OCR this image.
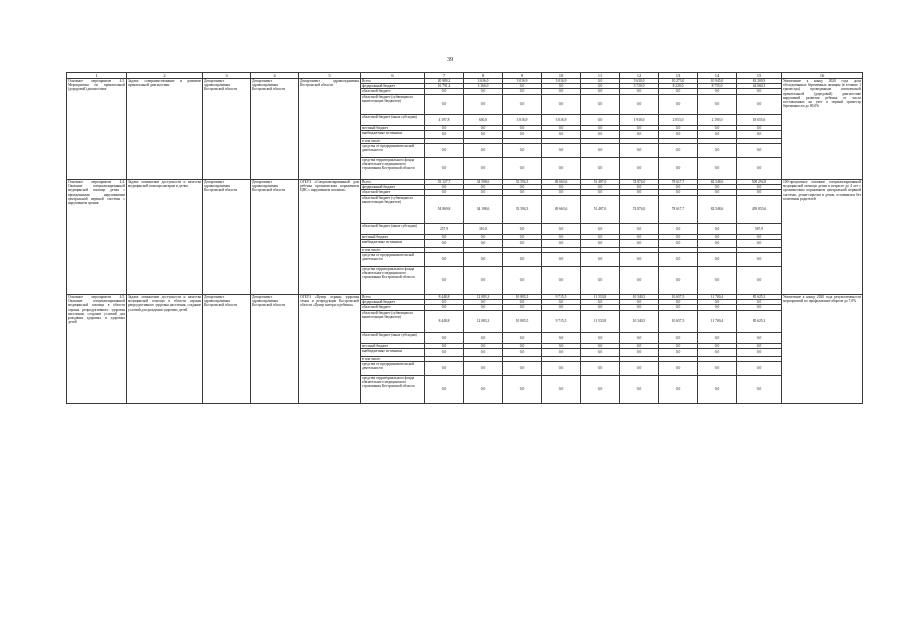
39
1	2	3	4	5	6	7	8	9	10	11	12	13	14	15	16
Основное мероприятие 4.3. Мероприятия по пренатальной (дородовой) диагностике	Задача: совершенствование и развитие пренатальной диагностики	Департамент здравоохранения Костромской области	Департамент здравоохранения Костромской области	Департамент здравоохранения Костромской области	Всего	20 989,2	3 636,0	3 016,9	3 016,9	0,0	5 630,0	10 273,0	10 945,0	63 200,9	Увеличение к концу 2020 года доли обследованных беременных женщин (в течение 1 триместра) проведенным комплексной пренатальной (дородовой) диагностике нарушений развития ребенка от числа поставленных на учет в первый триместр беременности до 80,0%
					федеральный бюджет	16 791,4	3 166,0	0,0	0,0	0,0	3 720,0	8 220,0	8 755,0	44 660,3	
					областной бюджет	0,0	0,0	0,0	0,0	0,0	0,0	0,0	0,0	0,0	
					областной бюджет (субвенции из вышестоящих бюджетов)	0,0	0,0	0,0	0,0	0,0	0,0	0,0	0,0	0,0	
					областной бюджет (иные субсидии)	4 197,8	650,0	3 016,9	3 016,9	0,0	1 930,0	2 053,0	2 190,0	18 655,6	
					местный бюджет	0,0	0,0	0,0	0,0	0,0	0,0	0,0	0,0	0,0	
					внебюджетные источники	0,0	0,0	0,0	0,0	0,0	0,0	0,0	0,0	0,0	
					в том числе:										
					средства от предпринимательской деятельности	0,0	0,0	0,0	0,0	0,0	0,0	0,0	0,0	0,0	
					средства территориального фонда обязательного медицинского страхования Костромской области	0,0	0,0	0,0	0,0	0,0	0,0	0,0	0,0	0,0	
Основное мероприятие 4.4. Оказание специализированной медицинской помощи детям с врожденными нарушениями центральной нервной системы с нарушением зрения	Задача: повышение доступности и качества медицинской помощи матерям и детям	Департамент здравоохранения Костромской области	Департамент здравоохранения Костромской области	ОГБУЗ «Специализированный дом ребенка органическим поражением ЦНС с нарушением психики»	Всего	55 127,7	34 508,6	33 594,3	49 663,6	51 487,0	74 874,0	78 617,7	82 548,6	509 292,8	100-процентное оказание специализированной медицинской помощи детям в возрасте до 4 лет с органическим поражением центральной нервной системы, детям-сиротам и детям, оставшимся без попечения родителей
					федеральный бюджет	0,0	0,0	0,0	0,0	0,0	0,0	0,0	0,0	0,0	
					областной бюджет	0,0	0,0	0,0	0,0	0,0	0,0	0,0	0,0	0,0	
					областной бюджет (субвенции из вышестоящих бюджетов)	54 869,8	34 198,6	33 594,3	49 663,6	51 487,0	74 874,0	78 617,7	82 548,6	459 853,6	
					областной бюджет (иные субсидии)	257,9	310,0	0,0	0,0	0,0	0,0	0,0	0,0	567,9	
					местный бюджет	0,0	0,0	0,0	0,0	0,0	0,0	0,0	0,0	0,0	
					внебюджетные источники	0,0	0,0	0,0	0,0	0,0	0,0	0,0	0,0	0,0	
					в том числе:										
					средства от предпринимательской деятельности	0,0	0,0	0,0	0,0	0,0	0,0	0,0	0,0	0,0	
					средства территориального фонда обязательного медицинского страхования Костромской области	0,0	0,0	0,0	0,0	0,0	0,0	0,0	0,0	0,0	
Основное мероприятие 4.5. Оказание специализированной медицинской помощи в области охраны репродуктивного здоровья населения, создание условий для рождения здоровых и здоровых детей	Задача: повышение доступности и качества медицинской помощи в области охраны репродуктивного здоровья населения, создание условий для рождения здоровых детей	Департамент здравоохранения Костромской области	Департамент здравоохранения Костромской области	ОГБУЗ «Центр охраны здоровья семьи и репродукции Костромской области «Центр матери и ребенка»	Всего	8 448,8	12 083,3	10 805,5	9 715,5	11 533,8	10 340,5	10 657,5	11 700,4	85 625,3	Увеличение к концу 2020 года результативности мероприятий по профилактике абортов до 7,0%
					федеральный бюджет	0,0	0,0	0,0	0,0	0,0	0,0	0,0	0,0	0,0	
					областной бюджет	0,0	0,0	0,0	0,0	0,0	0,0	0,0	0,0	0,0	
					областной бюджет (субвенции из вышестоящих бюджетов)	8 448,8	12 083,3	10 805,5	9 715,5	11 533,8	10 340,5	10 657,5	11 700,4	85 625,3	
					областной бюджет (иные субсидии)	0,0	0,0	0,0	0,0	0,0	0,0	0,0	0,0	0,0	
					местный бюджет	0,0	0,0	0,0	0,0	0,0	0,0	0,0	0,0	0,0	
					внебюджетные источники	0,0	0,0	0,0	0,0	0,0	0,0	0,0	0,0	0,0	
					в том числе:										
					средства от предпринимательской деятельности	0,0	0,0	0,0	0,0	0,0	0,0	0,0	0,0	0,0	
					средства территориального фонда обязательного медицинского страхования Костромской области	0,0	0,0	0,0	0,0	0,0	0,0	0,0	0,0	0,0	
